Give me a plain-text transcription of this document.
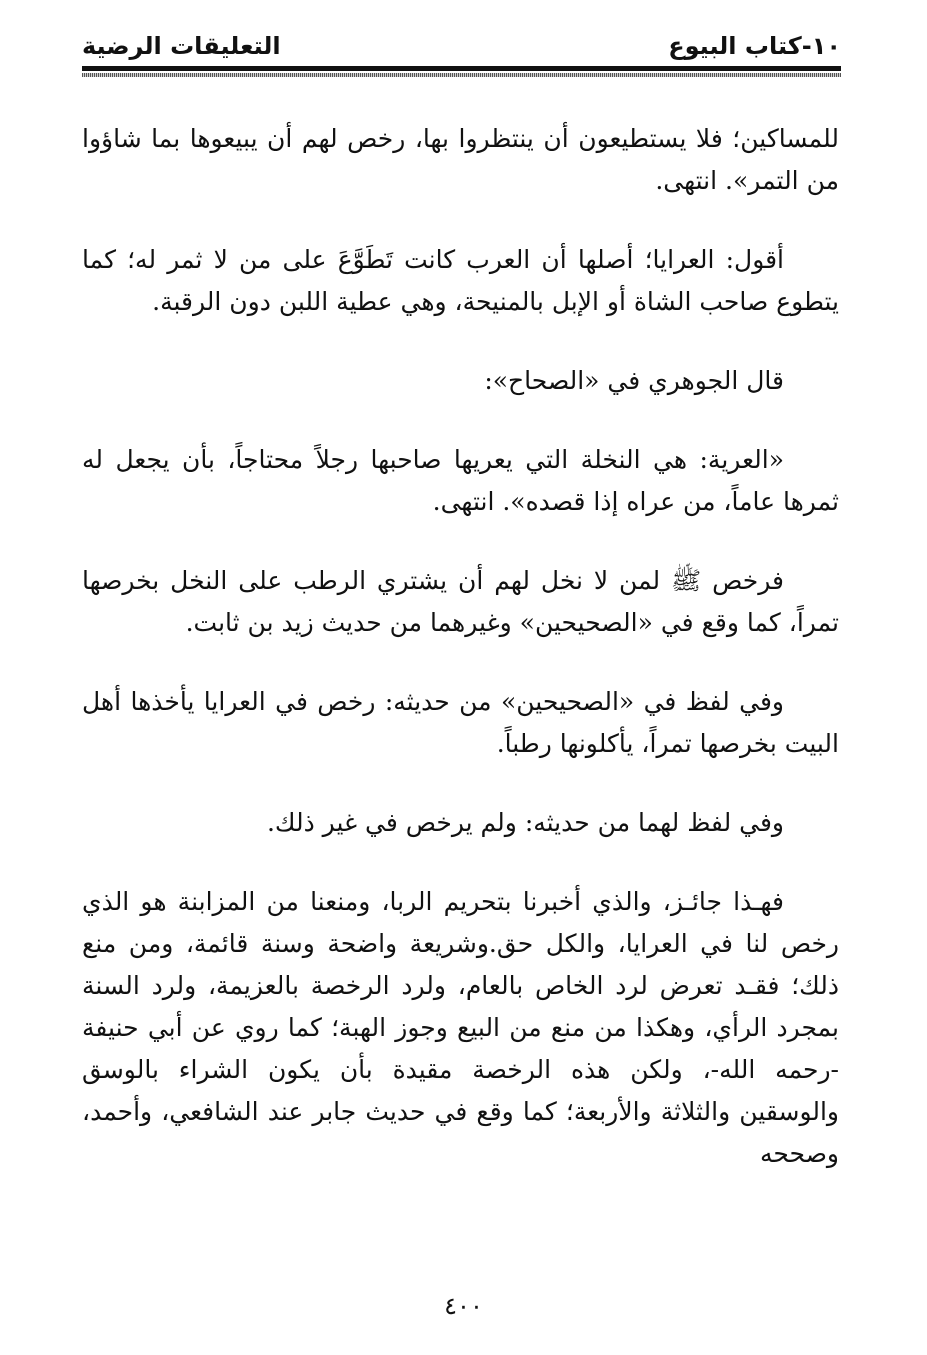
١٠-كتاب البيوع
التعليقات الرضية

للمساكين؛ فلا يستطيعون أن ينتظروا بها، رخص لهم أن يبيعوها بما شاؤوا من التمر». انتهى.

أقول: العرايا؛ أصلها أن العرب كانت تَطَوَّعَ على من لا ثمر له؛ كما يتطوع صاحب الشاة أو الإبل بالمنيحة، وهي عطية اللبن دون الرقبة.

قال الجوهري في «الصحاح»:

«العرية: هي النخلة التي يعريها صاحبها رجلاً محتاجاً، بأن يجعل له ثمرها عاماً، من عراه إذا قصده». انتهى.

فرخص ﷺ لمن لا نخل لهم أن يشتري الرطب على النخل بخرصها تمراً، كما وقع في «الصحيحين» وغيرهما من حديث زيد بن ثابت.

وفي لفظ في «الصحيحين» من حديثه: رخص في العرايا يأخذها أهل البيت بخرصها تمراً، يأكلونها رطباً.

وفي لفظ لهما من حديثه: ولم يرخص في غير ذلك.

فهـذا جائـز، والذي أخبرنا بتحريم الربا، ومنعنا من المزابنة هو الذي رخص لنا في العرايا، والكل حق.وشريعة واضحة وسنة قائمة، ومن منع ذلك؛ فقـد تعرض لرد الخاص بالعام، ولرد الرخصة بالعزيمة، ولرد السنة بمجرد الرأي، وهكذا من منع من البيع وجوز الهبة؛ كما روي عن أبي حنيفة -رحمه الله-، ولكن هذه الرخصة مقيدة بأن يكون الشراء بالوسق والوسقين والثلاثة والأربعة؛ كما وقع في حديث جابر عند الشافعي، وأحمد، وصححه

٤٠٠
